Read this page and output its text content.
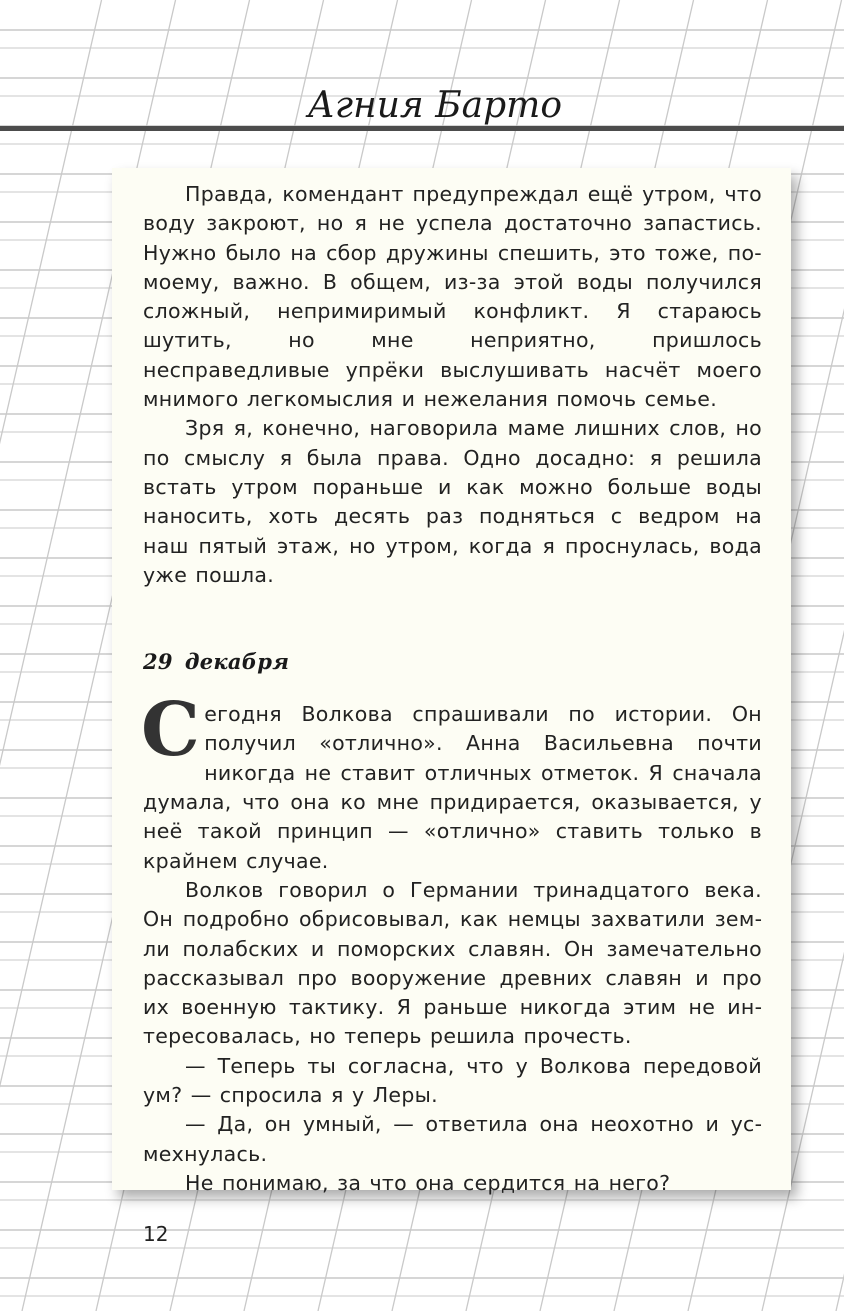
Агния Барто

Правда, комендант предупреждал ещё утром, что воду закроют, но я не успела достаточно запастись. Нужно было на сбор дружины спешить, это тоже, по-моему, важно. В общем, из-за этой воды получился сложный, непримиримый конфликт. Я стараюсь шутить, но мне неприятно, пришлось несправедливые упрёки выслушивать насчёт моего мнимого легкомыслия и нежелания помочь семье.

Зря я, конечно, наговорила маме лишних слов, но по смыслу я была права. Одно досадно: я решила встать утром пораньше и как можно больше воды наносить, хоть десять раз подняться с ведром на наш пятый этаж, но утром, когда я проснулась, вода уже пошла.

29 декабря

Сегодня Волкова спрашивали по истории. Он получил «отлично». Анна Васильевна почти никогда не ставит отличных отметок. Я сначала думала, что она ко мне придирается, оказывается, у неё такой принцип — «отлично» ставить только в крайнем случае.

Волков говорил о Германии тринадцатого века. Он подробно обрисовывал, как немцы захватили земли полабских и поморских славян. Он замечательно рассказывал про вооружение древних славян и про их военную тактику. Я раньше никогда этим не интересовалась, но теперь решила прочесть.

— Теперь ты согласна, что у Волкова передовой ум? — спросила я у Леры.

— Да, он умный, — ответила она неохотно и усмехнулась.

Не понимаю, за что она сердится на него?

12
